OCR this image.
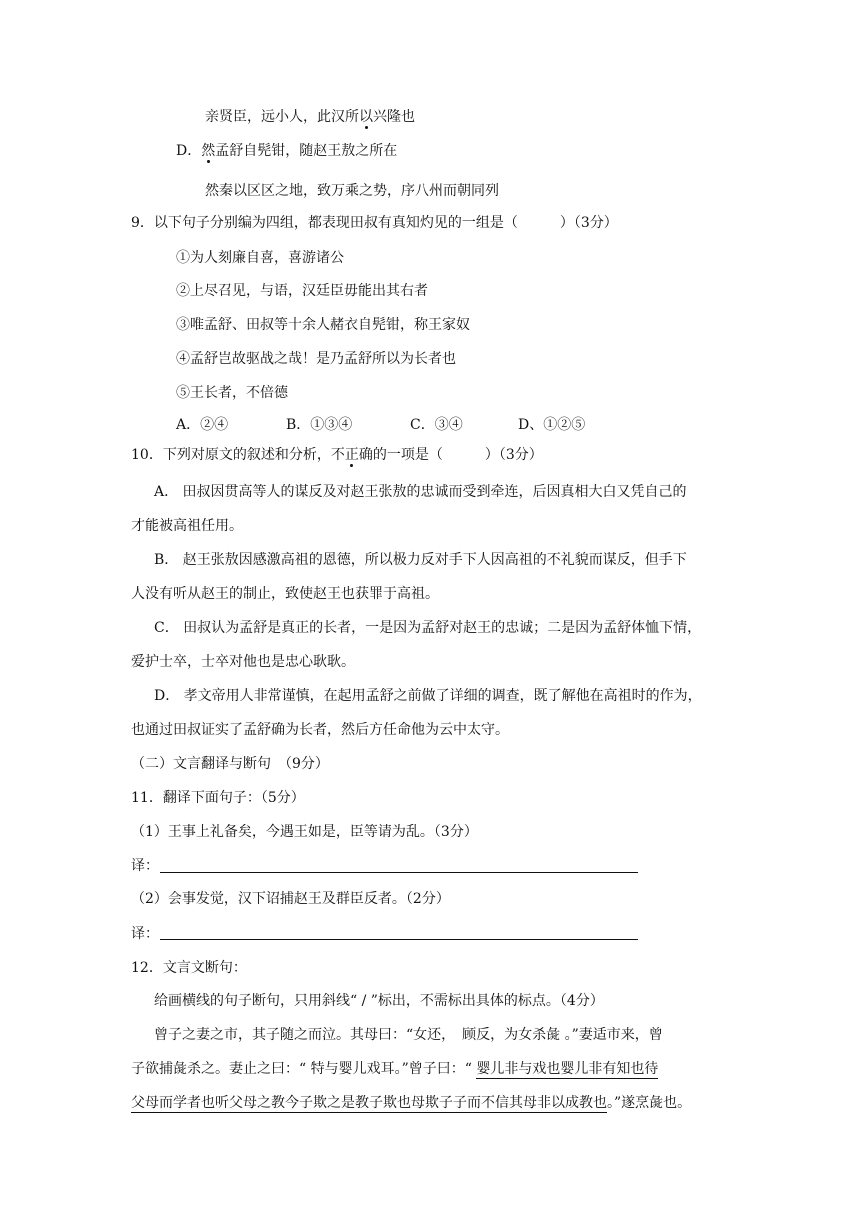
亲贤臣，远小人，此汉所以兴隆也
D．然孟舒自髡钳，随赵王敖之所在
然秦以区区之地，致万乘之势，序八州而朝同列
9．以下句子分别编为四组，都表现田叔有真知灼见的一组是（　　　）（3分）
①为人刻廉自喜，喜游诸公
②上尽召见，与语，汉廷臣毋能出其右者
③唯孟舒、田叔等十余人赭衣自髡钳，称王家奴
④孟舒岂故驱战之哉！是乃孟舒所以为长者也
⑤王长者，不倍德
A．②④	B．①③④	C．③④	D、①②⑤
10．下列对原文的叙述和分析，不正确的一项是（　　　）（3分）
A． 田叔因贯高等人的谋反及对赵王张敖的忠诚而受到牵连，后因真相大白又凭自己的
才能被高祖任用。
B． 赵王张敖因感激高祖的恩德，所以极力反对手下人因高祖的不礼貌而谋反，但手下
人没有听从赵王的制止，致使赵王也获罪于高祖。
C． 田叔认为孟舒是真正的长者，一是因为孟舒对赵王的忠诚；二是因为孟舒体恤下情，
爱护士卒，士卒对他也是忠心耿耿。
D． 孝文帝用人非常谨慎，在起用孟舒之前做了详细的调查，既了解他在高祖时的作为，
也通过田叔证实了孟舒确为长者，然后方任命他为云中太守。
（二）文言翻译与断句　（9分）
11．翻译下面句子：（5分）
（1）王事上礼备矣，今遇王如是，臣等请为乱。（3分）
译：
（2）会事发觉，汉下诏捕赵王及群臣反者。（2分）
译：
12．文言文断句：
给画横线的句子断句，只用斜线“ / ”标出，不需标出具体的标点。（4分）
曾子之妻之市，其子随之而泣。其母曰：“女还，　顾反，为女杀彘 。”妻适市来，曾
子欲捕彘杀之。妻止之曰：“ 特与婴儿戏耳。”曾子曰：“ 婴儿非与戏也婴儿非有知也待
父母而学者也听父母之教今子欺之是教子欺也母欺子子而不信其母非以成教也。”遂烹彘也。
